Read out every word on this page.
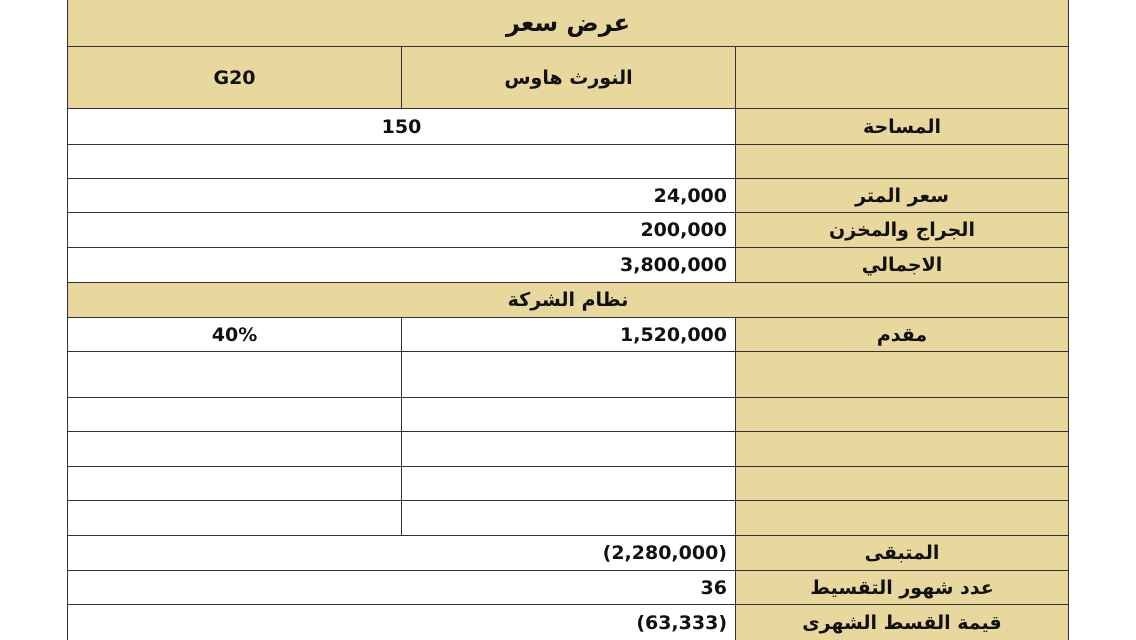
عرض سعر
G20	النورث هاوس
150	المساحة
24,000	سعر المتر
200,000	الجراج والمخزن
3,800,000	الاجمالي
نظام الشركة
40%	1,520,000	مقدم
(2,280,000)	المتبقى
36	عدد شهور التقسيط
(63,333)	قيمة القسط الشهرى
